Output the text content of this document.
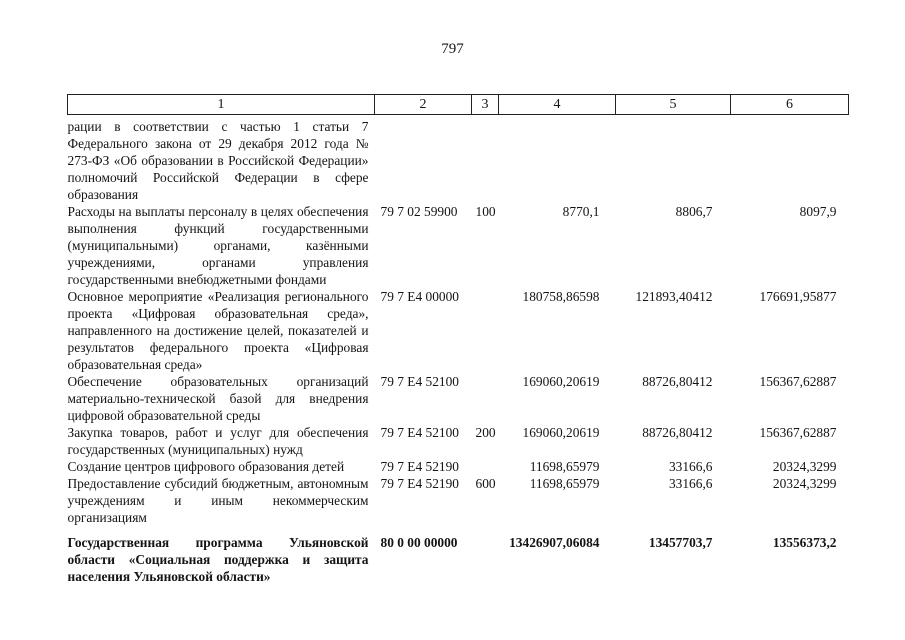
797
1	2	3	4	5	6

рации в соответствии с частью 1 статьи 7 Федерального закона от 29 декабря 2012 года № 273-ФЗ «Об образовании в Российской Федерации» полномочий Российской Федерации в сфере образования					
Расходы на выплаты персоналу в целях обеспечения выполнения функций государственными (муниципальными) органами, казёнными учреждениями, органами управления государственными внебюджетными фондами	79 7 02 59900	100	8770,1	8806,7	8097,9
Основное мероприятие «Реализация регионального проекта «Цифровая образовательная среда», направленного на достижение целей, показателей и результатов федерального проекта «Цифровая образовательная среда»	79 7 Е4 00000		180758,86598	121893,40412	176691,95877
Обеспечение образовательных организаций материально-технической базой для внедрения цифровой образовательной среды	79 7 Е4 52100		169060,20619	88726,80412	156367,62887
Закупка товаров, работ и услуг для обеспечения государственных (муниципальных) нужд	79 7 Е4 52100	200	169060,20619	88726,80412	156367,62887
Создание центров цифрового образования детей	79 7 Е4 52190		11698,65979	33166,6	20324,3299
Предоставление субсидий бюджетным, автономным учреждениям и иным некоммерческим организациям	79 7 Е4 52190	600	11698,65979	33166,6	20324,3299

Государственная программа Ульяновской области «Социальная поддержка и защита населения Ульяновской области»	80 0 00 00000		13426907,06084	13457703,7	13556373,2
